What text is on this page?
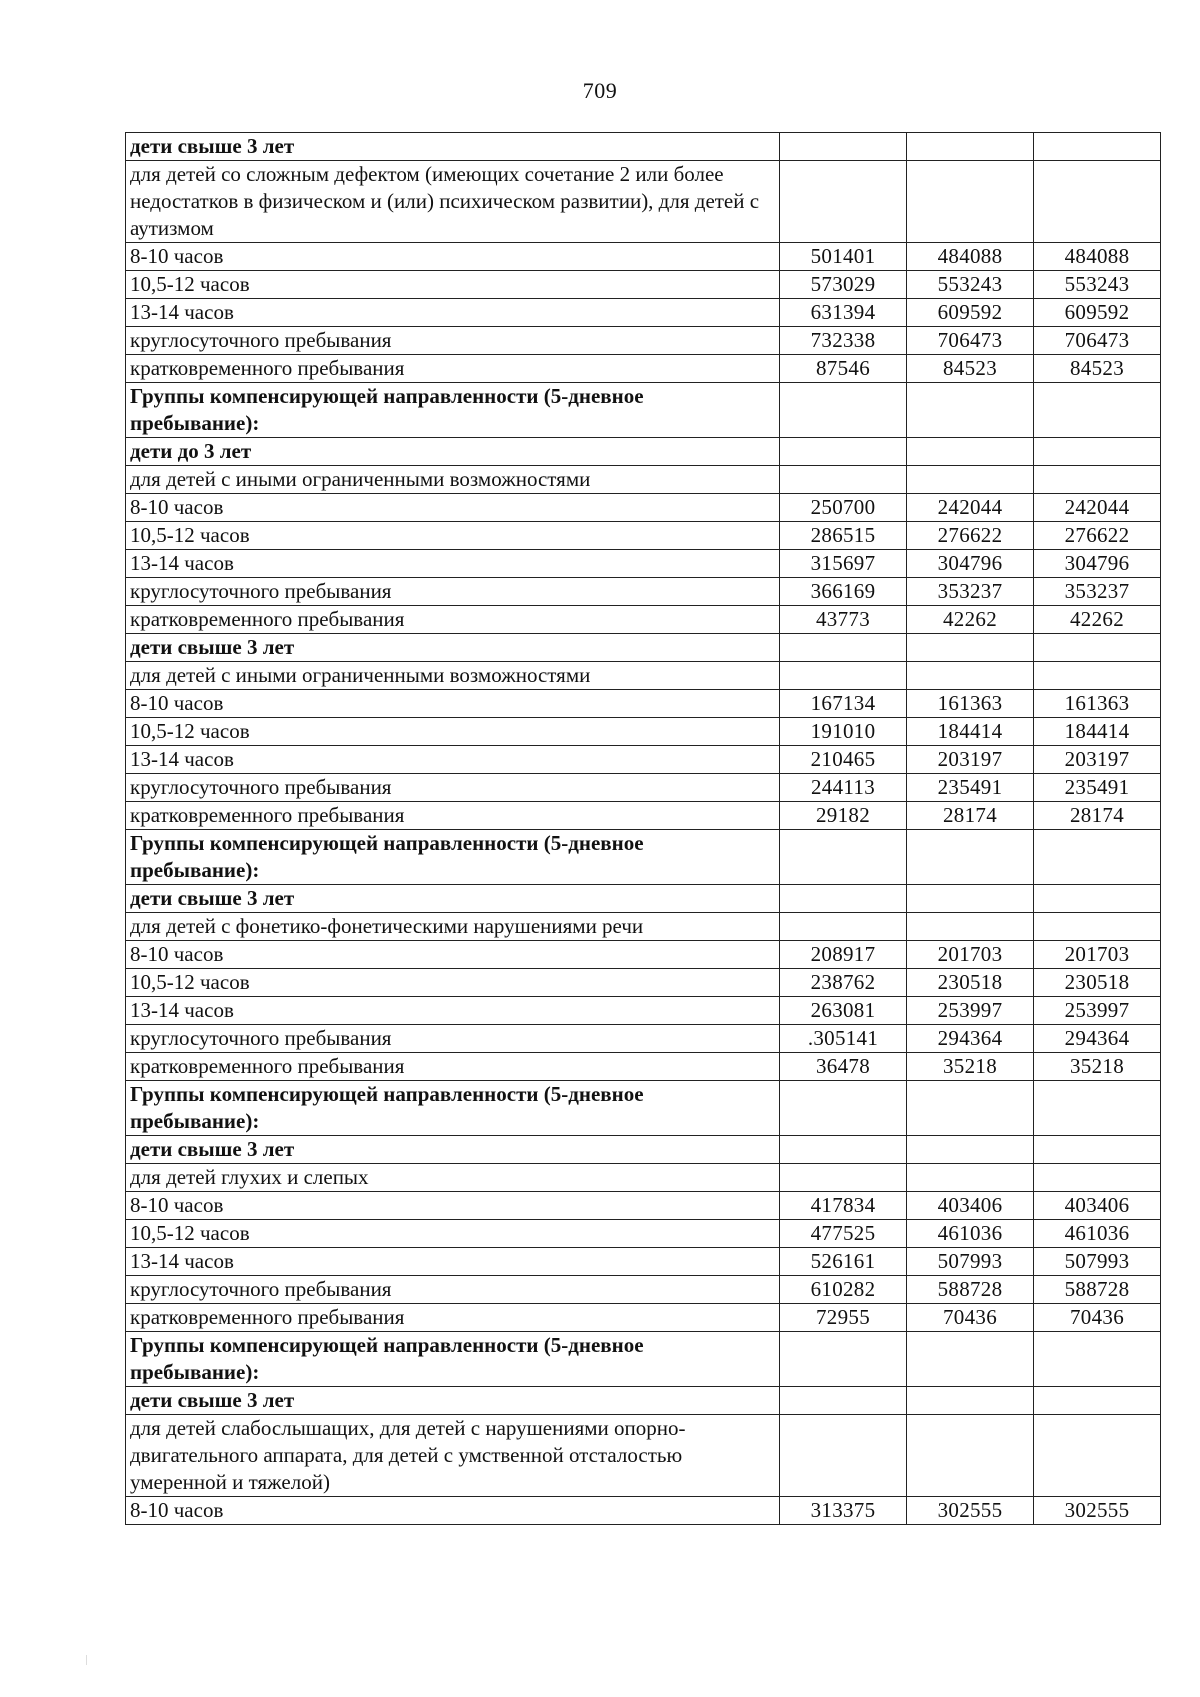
709
дети свыше 3 лет			
для детей со сложным дефектом (имеющих сочетание 2 или более недостатков в физическом и (или) психическом развитии), для детей с аутизмом			
8-10 часов	501401	484088	484088
10,5-12 часов	573029	553243	553243
13-14 часов	631394	609592	609592
круглосуточного пребывания	732338	706473	706473
кратковременного пребывания	87546	84523	84523
Группы компенсирующей направленности (5-дневное пребывание):			
дети до 3 лет			
для детей с иными ограниченными возможностями			
8-10 часов	250700	242044	242044
10,5-12 часов	286515	276622	276622
13-14 часов	315697	304796	304796
круглосуточного пребывания	366169	353237	353237
кратковременного пребывания	43773	42262	42262
дети свыше 3 лет			
для детей с иными ограниченными возможностями			
8-10 часов	167134	161363	161363
10,5-12 часов	191010	184414	184414
13-14 часов	210465	203197	203197
круглосуточного пребывания	244113	235491	235491
кратковременного пребывания	29182	28174	28174
Группы компенсирующей направленности (5-дневное пребывание):			
дети свыше 3 лет			
для детей с фонетико-фонетическими нарушениями речи			
8-10 часов	208917	201703	201703
10,5-12 часов	238762	230518	230518
13-14 часов	263081	253997	253997
круглосуточного пребывания	.305141	294364	294364
кратковременного пребывания	36478	35218	35218
Группы компенсирующей направленности (5-дневное пребывание):			
дети свыше 3 лет			
для детей глухих и слепых			
8-10 часов	417834	403406	403406
10,5-12 часов	477525	461036	461036
13-14 часов	526161	507993	507993
круглосуточного пребывания	610282	588728	588728
кратковременного пребывания	72955	70436	70436
Группы компенсирующей направленности (5-дневное пребывание):			
дети свыше 3 лет			
для детей слабослышащих, для детей с нарушениями опорно-двигательного аппарата, для детей с умственной отсталостью умеренной и тяжелой)			
8-10 часов	313375	302555	302555
